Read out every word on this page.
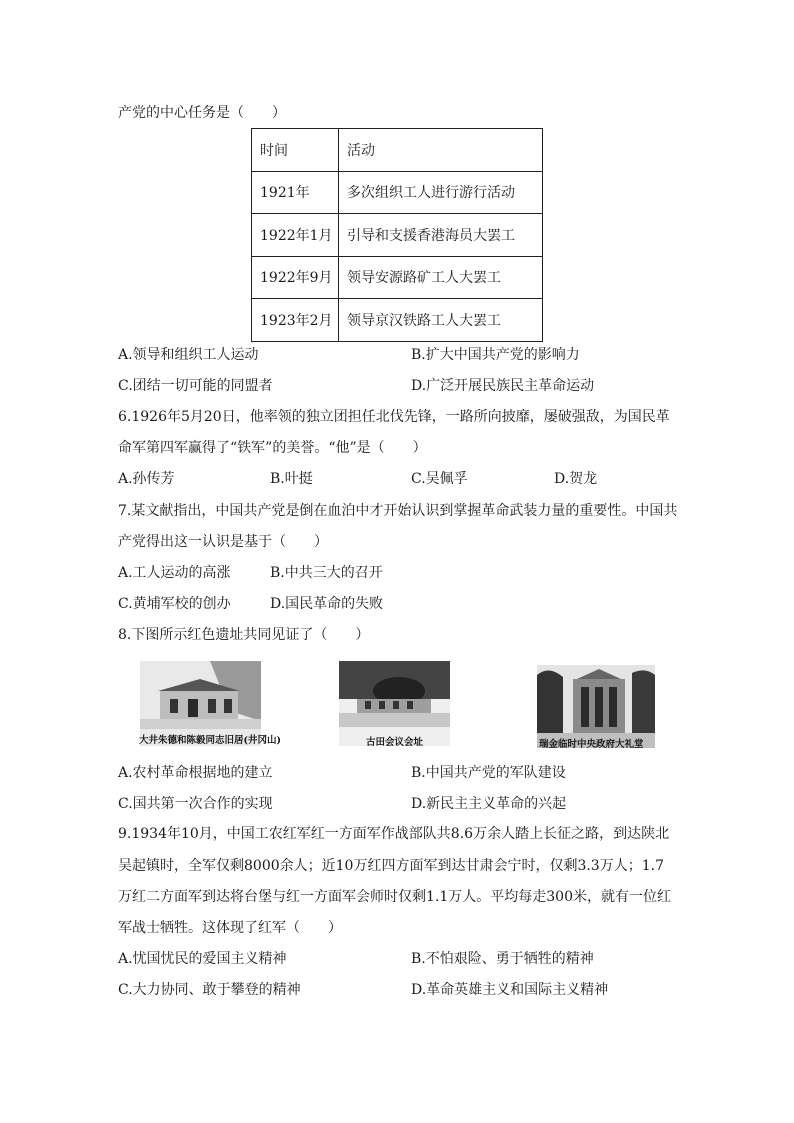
产党的中心任务是（　　）
时间	活动
1921年	多次组织工人进行游行活动
1922年1月	引导和支援香港海员大罢工
1922年9月	领导安源路矿工人大罢工
1923年2月	领导京汉铁路工人大罢工
A.领导和组织工人运动	B.扩大中国共产党的影响力
C.团结一切可能的同盟者	D.广泛开展民族民主革命运动
6.1926年5月20日，他率领的独立团担任北伐先锋，一路所向披靡，屡破强敌，为国民革
命军第四军赢得了“铁军”的美誉。“他”是（　　）
A.孙传芳	B.叶挺	C.吴佩孚	D.贺龙
7.某文献指出，中国共产党是倒在血泊中才开始认识到掌握革命武装力量的重要性。中国共
产党得出这一认识是基于（　　）
A.工人运动的高涨	B.中共三大的召开
C.黄埔军校的创办	D.国民革命的失败
8.下图所示红色遗址共同见证了（　　）
大井朱德和陈毅同志旧居(井冈山)	古田会议会址	瑞金临时中央政府大礼堂
A.农村革命根据地的建立	B.中国共产党的军队建设
C.国共第一次合作的实现	D.新民主主义革命的兴起
9.1934年10月，中国工农红军红一方面军作战部队共8.6万余人踏上长征之路，到达陕北
吴起镇时，全军仅剩8000余人；近10万红四方面军到达甘肃会宁时，仅剩3.3万人；1.7
万红二方面军到达将台堡与红一方面军会师时仅剩1.1万人。平均每走300米，就有一位红
军战士牺牲。这体现了红军（　　）
A.忧国忧民的爱国主义精神	B.不怕艰险、勇于牺牲的精神
C.大力协同、敢于攀登的精神	D.革命英雄主义和国际主义精神
